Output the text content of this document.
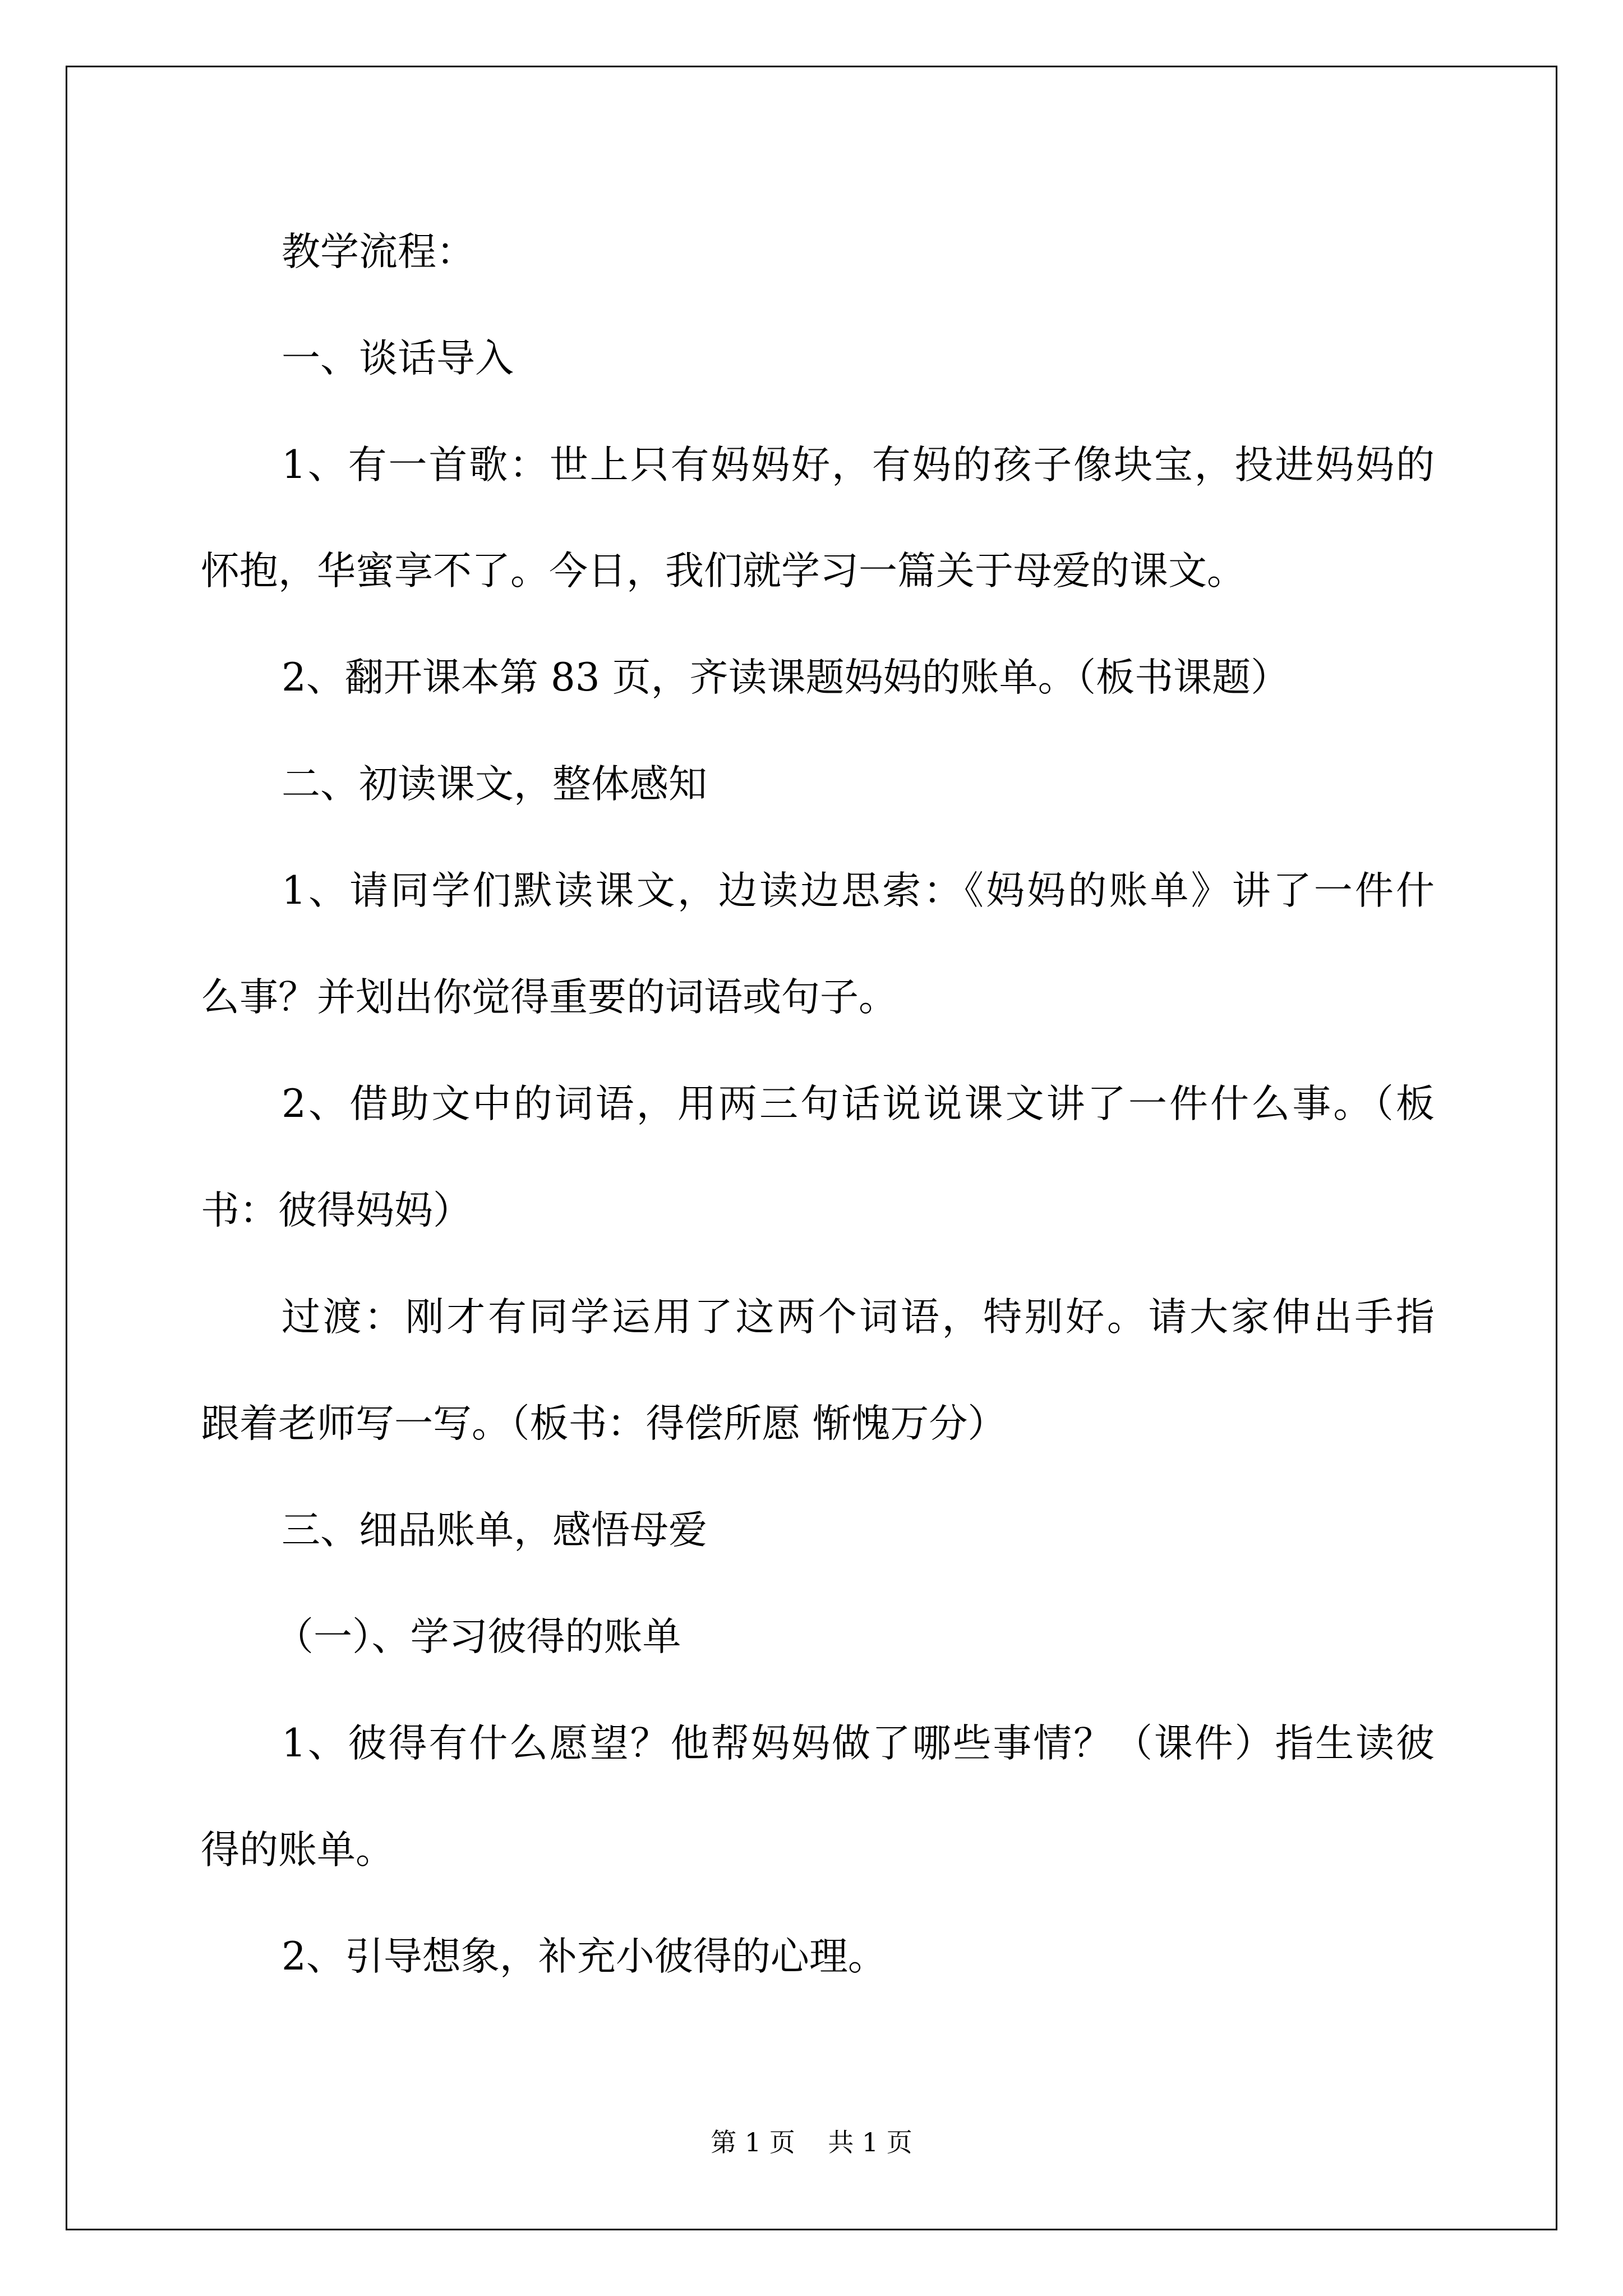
教学流程：
一、谈话导入
1、有一首歌：世上只有妈妈好，有妈的孩子像块宝，投进妈妈的
怀抱，华蜜享不了。今日，我们就学习一篇关于母爱的课文。
2、翻开课本第 83 页，齐读课题妈妈的账单。（板书课题）
二、初读课文，整体感知
1、请同学们默读课文，边读边思索：《妈妈的账单》讲了一件什
么事？并划出你觉得重要的词语或句子。
2、借助文中的词语，用两三句话说说课文讲了一件什么事。（板
书：彼得妈妈）
过渡：刚才有同学运用了这两个词语，特别好。请大家伸出手指
跟着老师写一写。（板书：得偿所愿 惭愧万分）
三、细品账单，感悟母爱
（一）、学习彼得的账单
1、彼得有什么愿望？他帮妈妈做了哪些事情？（课件）指生读彼
得的账单。
2、引导想象，补充小彼得的心理。
第 1 页    共 1 页
